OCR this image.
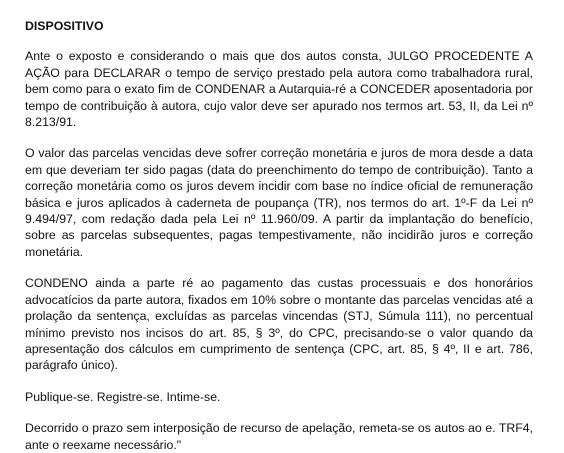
DISPOSITIVO

Ante o exposto e considerando o mais que dos autos consta, JULGO PROCEDENTE A AÇÃO para DECLARAR o tempo de serviço prestado pela autora como trabalhadora rural, bem como para o exato fim de CONDENAR a Autarquia-ré a CONCEDER aposentadoria por tempo de contribuição à autora, cujo valor deve ser apurado nos termos art. 53, II, da Lei nº 8.213/91.

O valor das parcelas vencidas deve sofrer correção monetária e juros de mora desde a data em que deveriam ter sido pagas (data do preenchimento do tempo de contribuição). Tanto a correção monetária como os juros devem incidir com base no índice oficial de remuneração básica e juros aplicados à caderneta de poupança (TR), nos termos do art. 1º-F da Lei nº 9.494/97, com redação dada pela Lei nº 11.960/09. A partir da implantação do benefício, sobre as parcelas subsequentes, pagas tempestivamente, não incidirão juros e correção monetária.

CONDENO ainda a parte ré ao pagamento das custas processuais e dos honorários advocatícios da parte autora, fixados em 10% sobre o montante das parcelas vencidas até a prolação da sentença, excluídas as parcelas vincendas (STJ, Súmula 111), no percentual mínimo previsto nos incisos do art. 85, § 3º, do CPC, precisando-se o valor quando da apresentação dos cálculos em cumprimento de sentença (CPC, art. 85, § 4º, II e art. 786, parágrafo único).

Publique-se. Registre-se. Intime-se.

Decorrido o prazo sem interposição de recurso de apelação, remeta-se os autos ao e. TRF4, ante o reexame necessário."
